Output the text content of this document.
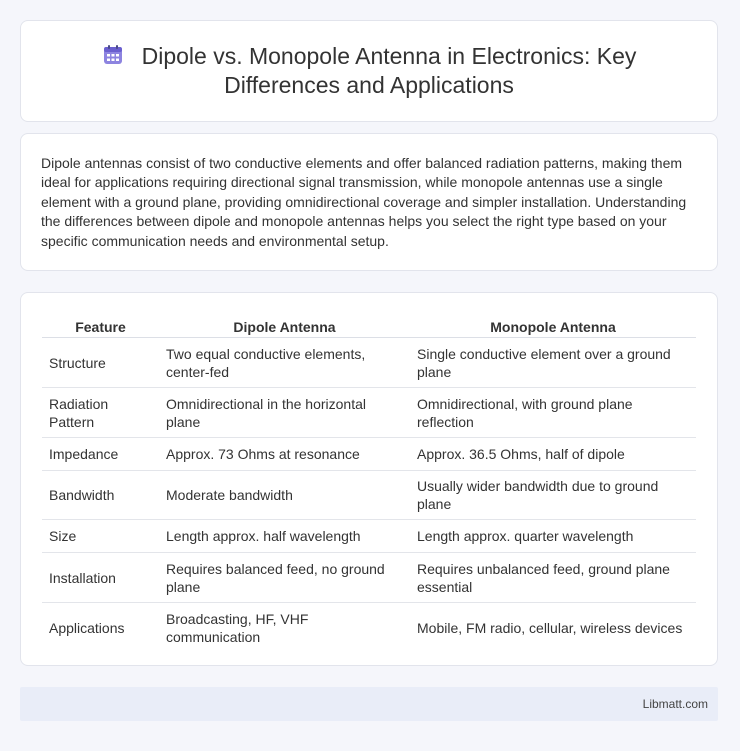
Dipole vs. Monopole Antenna in Electronics: Key Differences and Applications
Dipole antennas consist of two conductive elements and offer balanced radiation patterns, making them ideal for applications requiring directional signal transmission, while monopole antennas use a single element with a ground plane, providing omnidirectional coverage and simpler installation. Understanding the differences between dipole and monopole antennas helps you select the right type based on your specific communication needs and environmental setup.
Feature	Dipole Antenna	Monopole Antenna
Structure	Two equal conductive elements, center-fed	Single conductive element over a ground plane
Radiation Pattern	Omnidirectional in the horizontal plane	Omnidirectional, with ground plane reflection
Impedance	Approx. 73 Ohms at resonance	Approx. 36.5 Ohms, half of dipole
Bandwidth	Moderate bandwidth	Usually wider bandwidth due to ground plane
Size	Length approx. half wavelength	Length approx. quarter wavelength
Installation	Requires balanced feed, no ground plane	Requires unbalanced feed, ground plane essential
Applications	Broadcasting, HF, VHF communication	Mobile, FM radio, cellular, wireless devices
Libmatt.com
